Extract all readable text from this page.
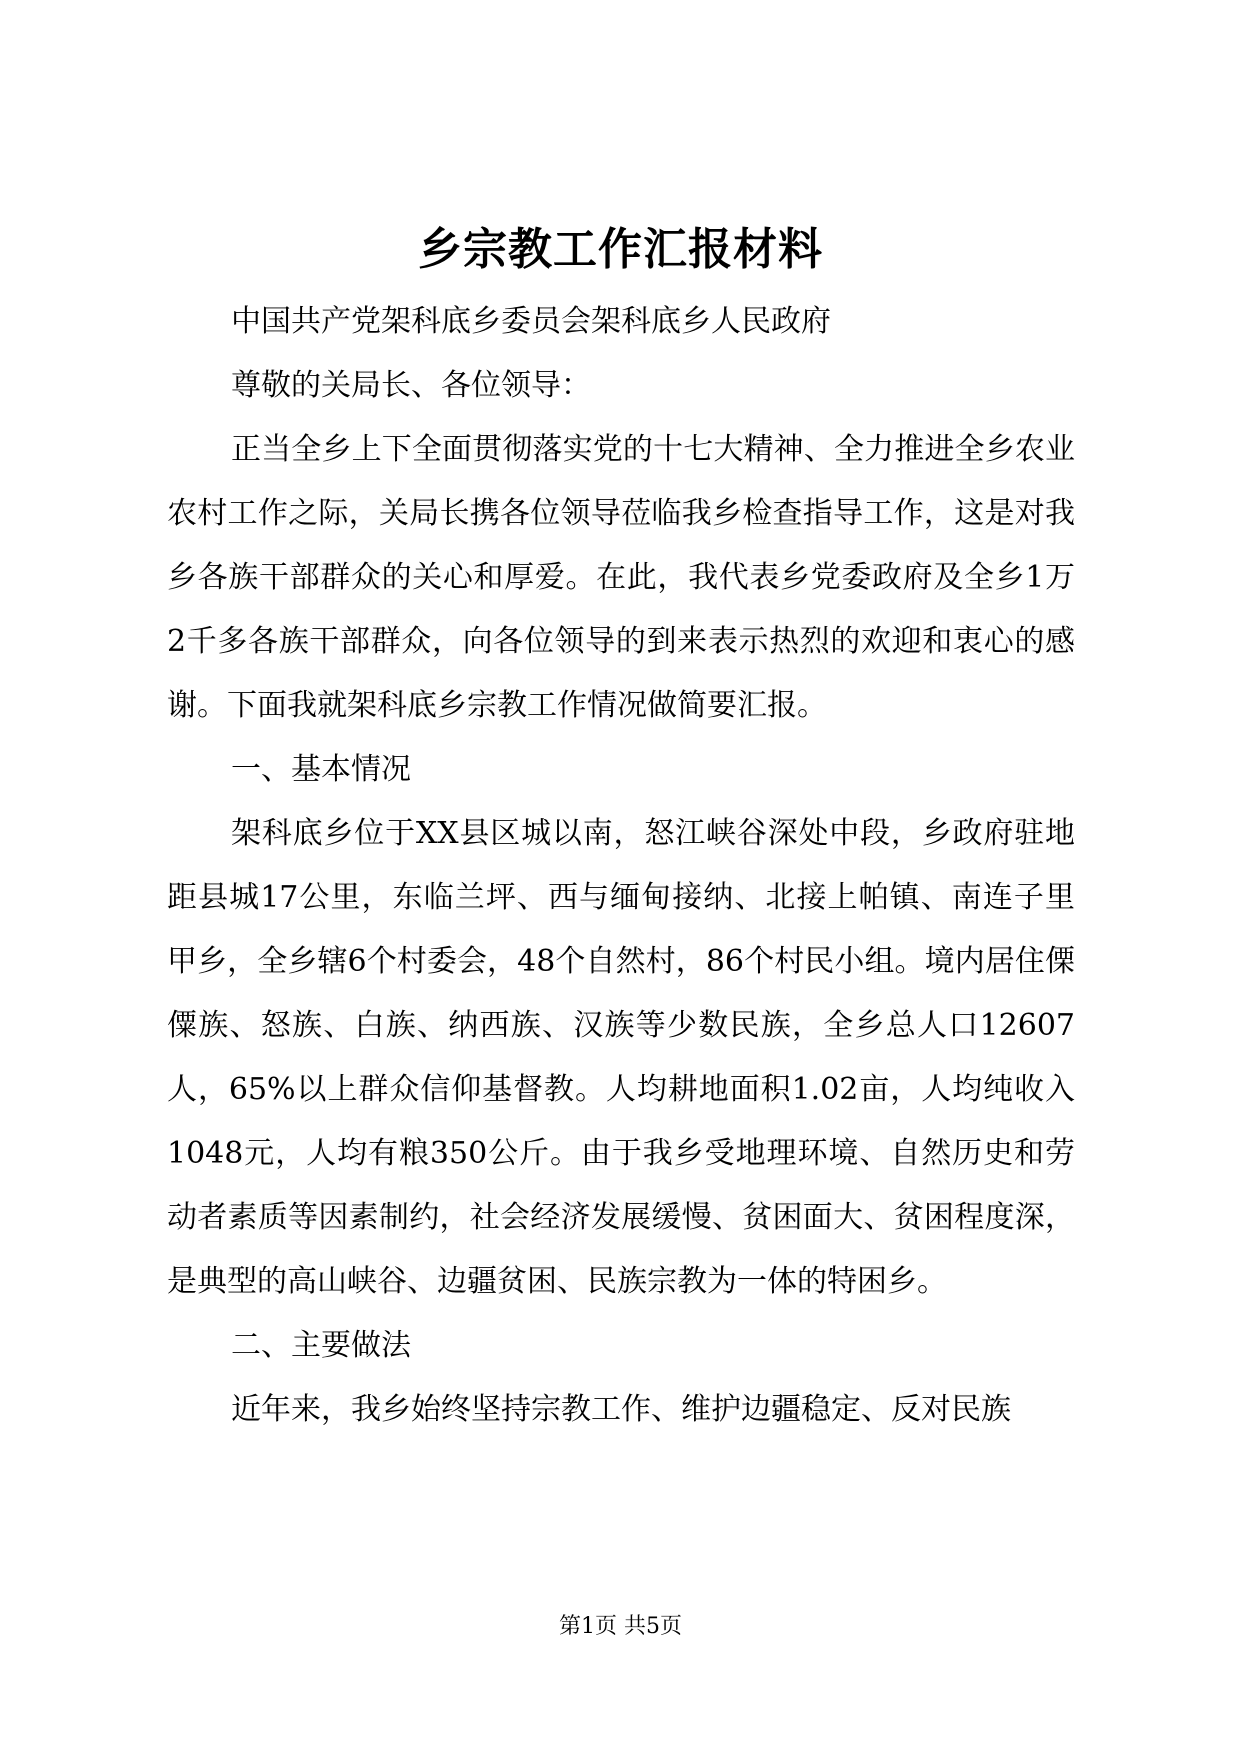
乡宗教工作汇报材料

中国共产党架科底乡委员会架科底乡人民政府

尊敬的关局长、各位领导：

正当全乡上下全面贯彻落实党的十七大精神、全力推进全乡农业农村工作之际，关局长携各位领导莅临我乡检查指导工作，这是对我乡各族干部群众的关心和厚爱。在此，我代表乡党委政府及全乡1万2千多各族干部群众，向各位领导的到来表示热烈的欢迎和衷心的感谢。下面我就架科底乡宗教工作情况做简要汇报。

一、基本情况

架科底乡位于XX县区城以南，怒江峡谷深处中段，乡政府驻地距县城17公里，东临兰坪、西与缅甸接纳、北接上帕镇、南连子里甲乡，全乡辖6个村委会，48个自然村，86个村民小组。境内居住傈僳族、怒族、白族、纳西族、汉族等少数民族，全乡总人口12607人，65%以上群众信仰基督教。人均耕地面积1.02亩，人均纯收入1048元，人均有粮350公斤。由于我乡受地理环境、自然历史和劳动者素质等因素制约，社会经济发展缓慢、贫困面大、贫困程度深，是典型的高山峡谷、边疆贫困、民族宗教为一体的特困乡。

二、主要做法

近年来，我乡始终坚持宗教工作、维护边疆稳定、反对民族

第1页 共5页
